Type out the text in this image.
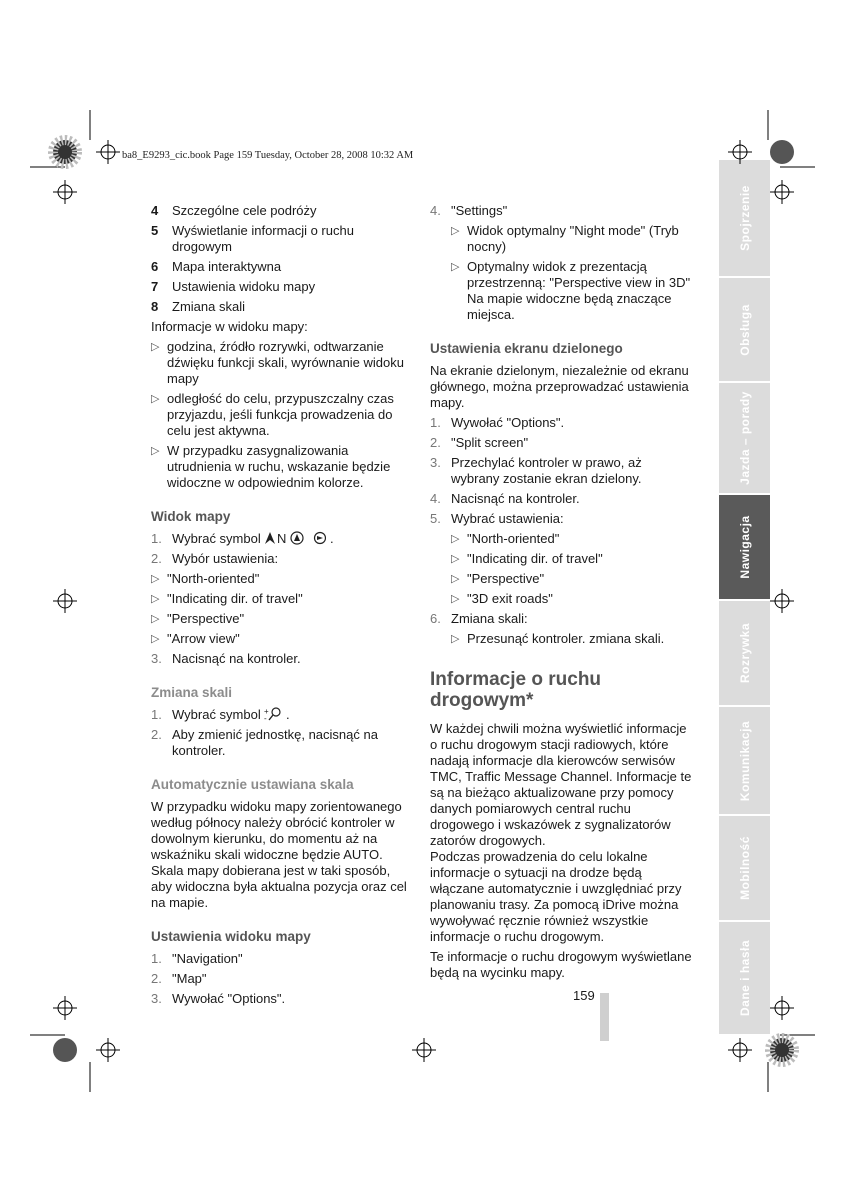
ba8_E9293_cic.book Page 159 Tuesday, October 28, 2008 10:32 AM
4	Szczególne cele podróży
5	Wyświetlanie informacji o ruchu drogowym
6	Mapa interaktywna
7	Ustawienia widoku mapy
8	Zmiana skali
Informacje w widoku mapy:
▷ godzina, źródło rozrywki, odtwarzanie dźwięku funkcji skali, wyrównanie widoku mapy
▷ odległość do celu, przypuszczalny czas przyjazdu, jeśli funkcja prowadzenia do celu jest aktywna.
▷ W przypadku zasygnalizowania utrudnienia w ruchu, wskazanie będzie widoczne w odpowiednim kolorze.
Widok mapy
1. Wybrać symbol N	.
2. Wybór ustawienia:
▷ "North-oriented"
▷ "Indicating dir. of travel"
▷ "Perspective"
▷ "Arrow view"
3. Nacisnąć na kontroler.
Zmiana skali
1. Wybrać symbol +
- .
2. Aby zmienić jednostkę, nacisnąć na kontroler.
Automatycznie ustawiana skala
W przypadku widoku mapy zorientowanego według północy należy obrócić kontroler w dowolnym kierunku, do momentu aż na wskaźniku skali widoczne będzie AUTO. Skala mapy dobierana jest w taki sposób, aby widoczna była aktualna pozycja oraz cel na mapie.
Ustawienia widoku mapy
1. "Navigation"
2. "Map"
3. Wywołać "Options".
4. "Settings"
▷ Widok optymalny "Night mode" (Tryb nocny)
▷ Optymalny widok z prezentacją przestrzenną: "Perspective view in 3D" Na mapie widoczne będą znaczące miejsca.
Ustawienia ekranu dzielonego
Na ekranie dzielonym, niezależnie od ekranu głównego, można przeprowadzać ustawienia mapy.
1. Wywołać "Options".
2. "Split screen"
3. Przechylać kontroler w prawo, aż wybrany zostanie ekran dzielony.
4. Nacisnąć na kontroler.
5. Wybrać ustawienia:
▷ "North-oriented"
▷ "Indicating dir. of travel"
▷ "Perspective"
▷ "3D exit roads"
6. Zmiana skali:
▷ Przesunąć kontroler. zmiana skali.
Informacje o ruchu drogowym*
W każdej chwili można wyświetlić informacje o ruchu drogowym stacji radiowych, które nadają informacje dla kierowców serwisów TMC, Traffic Message Channel. Informacje te są na bieżąco aktualizowane przy pomocy danych pomiarowych central ruchu drogowego i wskazówek z sygnalizatorów zatorów drogowych.
Podczas prowadzenia do celu lokalne informacje o sytuacji na drodze będą włączane automatycznie i uwzględniać przy planowaniu trasy. Za pomocą iDrive można wywoływać ręcznie również wszystkie informacje o ruchu drogowym.
Te informacje o ruchu drogowym wyświetlane będą na wycinku mapy.
159
Spojrzenie
Obsługa
Jazda – porady
Nawigacja
Rozrywka
Komunikacja
Mobilność
Dane i hasła
